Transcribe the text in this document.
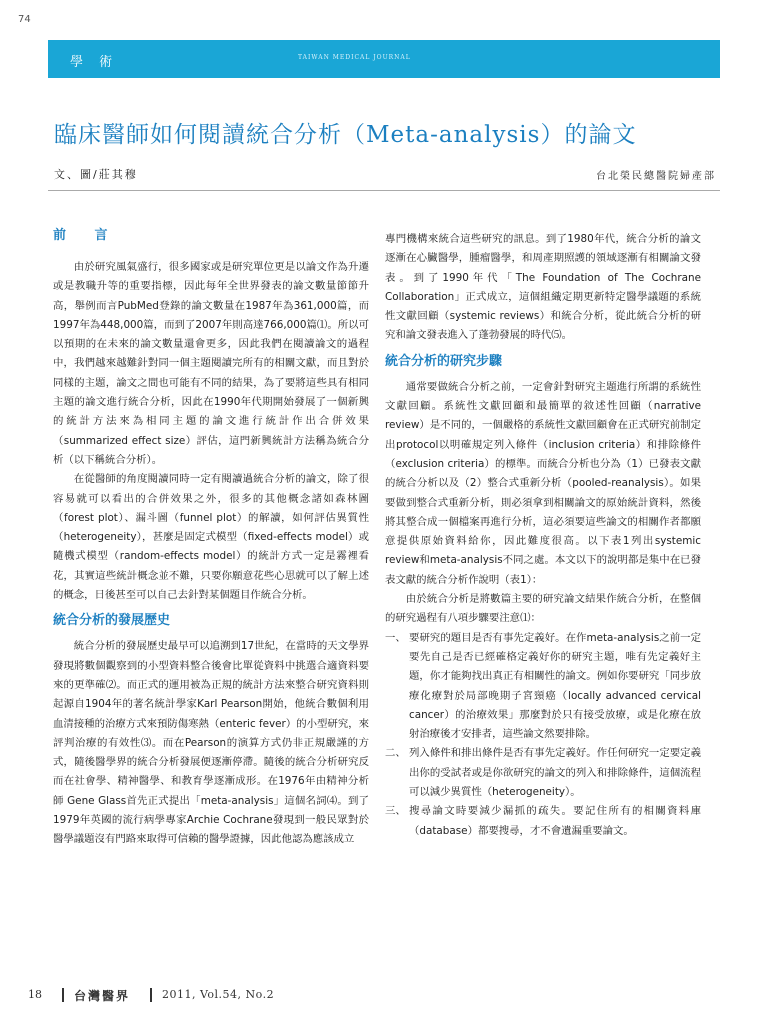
74
學 術	TAIWAN MEDICAL JOURNAL
臨床醫師如何閱讀統合分析（Meta-analysis）的論文
文、圖/莊其穆	台北榮民總醫院婦產部
前 言

由於研究風氣盛行，很多國家或是研究單位更是以論文作為升遷或是教職升等的重要指標，因此每年全世界發表的論文數量節節升高，舉例而言PubMed登錄的論文數量在1987年為361,000篇，而1997年為448,000篇，而到了2007年則高達766,000篇⑴。所以可以預期的在未來的論文數量還會更多，因此我們在閱讀論文的過程中，我們越來越難針對同一個主題閱讀完所有的相關文獻，而且對於同樣的主題，論文之間也可能有不同的結果，為了要將這些具有相同主題的論文進行統合分析，因此在1990年代期開始發展了一個新興的統計方法來為相同主題的論文進行統計作出合併效果（summarized effect size）評估，這門新興統計方法稱為統合分析（以下稱統合分析）。

在從醫師的角度閱讀同時一定有閱讀過統合分析的論文，除了很容易就可以看出的合併效果之外，很多的其他概念諸如森林圖（forest plot）、漏斗圖（funnel plot）的解讀，如何評估異質性（heterogeneity），甚麼是固定式模型（fixed-effects model）或隨機式模型（random-effects model）的統計方式一定是霧裡看花，其實這些統計概念並不難，只要你願意花些心思就可以了解上述的概念，日後甚至可以自己去針對某個題目作統合分析。

統合分析的發展歷史

統合分析的發展歷史最早可以追溯到17世紀，在當時的天文學界發現將數個觀察到的小型資料整合後會比單從資料中挑選合適資料要來的更準確⑵。而正式的運用被為正規的統計方法來整合研究資料則起源自1904年的著名統計學家Karl Pearson開始，他統合數個利用血清接種的治療方式來預防傷寒熱（enteric fever）的小型研究，來評判治療的有效性⑶。而在Pearson的演算方式仍非正規嚴謹的方式，隨後醫學界的統合分析發展便逐漸停滯。隨後的統合分析研究反而在社會學、精神醫學、和教育學逐漸成形。在1976年由精神分析師 Gene Glass首先正式提出「meta-analysis」這個名詞⑷。到了1979年英國的流行病學專家Archie Cochrane發現到一般民眾對於醫學議題沒有門路來取得可信賴的醫學證據，因此他認為應該成立

專門機構來統合這些研究的訊息。到了1980年代，統合分析的論文逐漸在心臟醫學，腫瘤醫學，和周產期照護的領域逐漸有相關論文發表。到了1990年代「The Foundation of The Cochrane Collaboration」正式成立，這個組織定期更新特定醫學議題的系統性文獻回顧（systemic reviews）和統合分析，從此統合分析的研究和論文發表進入了蓬勃發展的時代⑸。

統合分析的研究步驟

通常要做統合分析之前，一定會針對研究主題進行所謂的系統性文獻回顧。系統性文獻回顧和最簡單的敘述性回顧（narrative review）是不同的，一個嚴格的系統性文獻回顧會在正式研究前制定出protocol以明確規定列入條件（inclusion criteria）和排除條件（exclusion criteria）的標準。而統合分析也分為（1）已發表文獻的統合分析以及（2）整合式重新分析（pooled-reanalysis）。如果要做到整合式重新分析，則必須拿到相關論文的原始統計資料，然後將其整合成一個檔案再進行分析，這必須要這些論文的相關作者都願意提供原始資料給你，因此難度很高。以下表1列出systemic review和meta-analysis不同之處。本文以下的說明都是集中在已發表文獻的統合分析作說明（表1）：

由於統合分析是將數篇主要的研究論文結果作統合分析，在整個的研究過程有八項步驟要注意⑴：

一、 要研究的題目是否有事先定義好。在作meta-analysis之前一定要先自己是否已經確格定義好你的研究主題，唯有先定義好主題，你才能夠找出真正有相關性的論文。例如你要研究「同步放療化療對於局部晚期子宮頸癌（locally advanced cervical cancer）的治療效果」那麼對於只有接受放療，或是化療在放射治療後才安排者，這些論文然要排除。
二、 列入條件和排出條件是否有事先定義好。作任何研究一定要定義出你的受試者或是你欲研究的論文的列入和排除條件，這個流程可以減少異質性（heterogeneity）。
三、 搜尋論文時要減少漏抓的疏失。要記住所有的相關資料庫（database）都要搜尋，才不會遺漏重要論文。
18	台灣醫界	2011, Vol.54, No.2
